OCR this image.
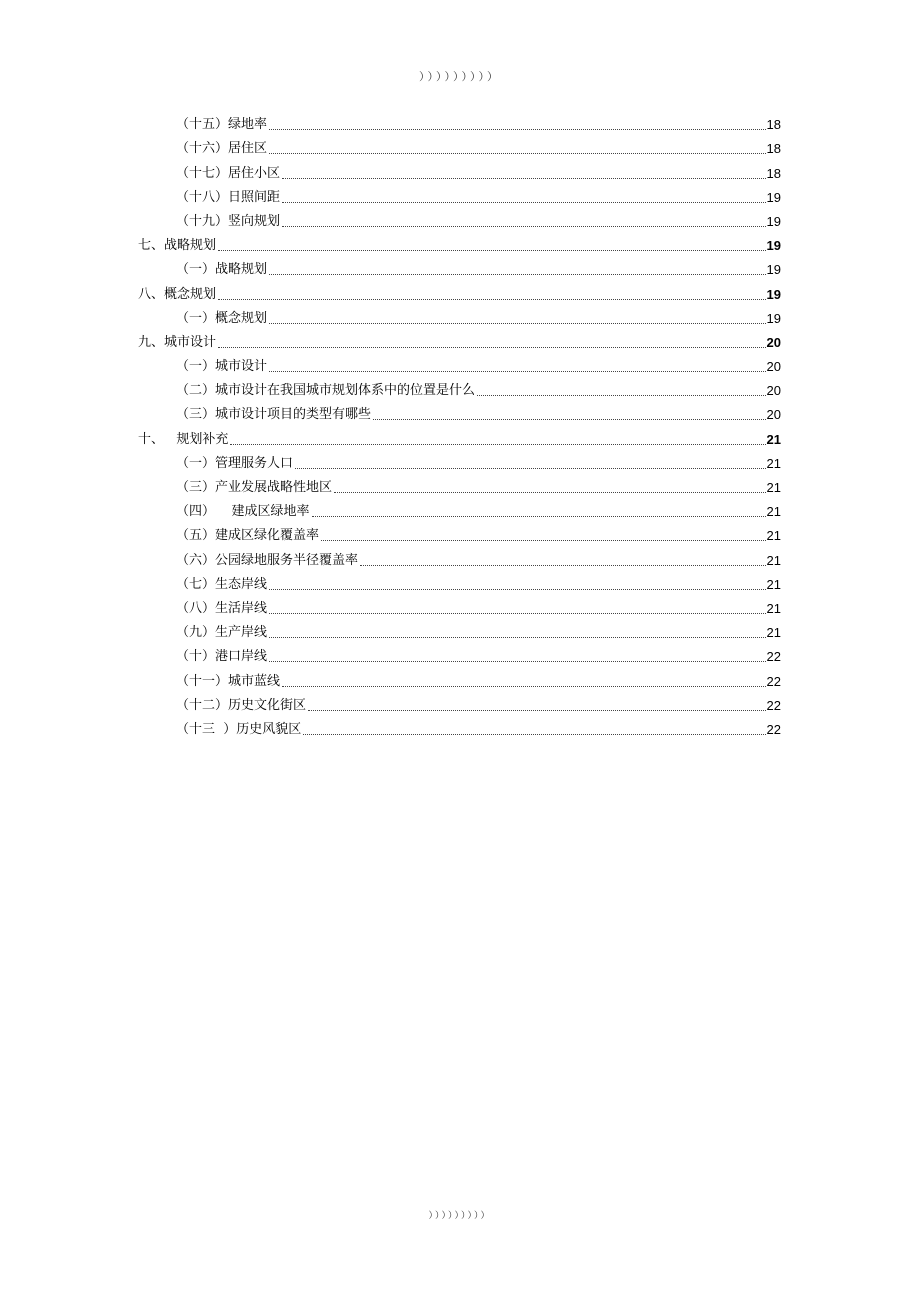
）））））））））
（十五）绿地率	18
（十六）居住区	18
（十七）居住小区	18
（十八）日照间距	19
（十九）竖向规划	19
七、战略规划	19
（一）战略规划	19
八、概念规划	19
（一）概念规划	19
九、城市设计	20
（一）城市设计	20
（二）城市设计在我国城市规划体系中的位置是什么	20
（三）城市设计项目的类型有哪些	20
十、   规划补充	21
（一）管理服务人口	21
（三）产业发展战略性地区	21
（四）    建成区绿地率	21
（五）建成区绿化覆盖率	21
（六）公园绿地服务半径覆盖率	21
（七）生态岸线	21
（八）生活岸线	21
（九）生产岸线	21
（十）港口岸线	22
（十一）城市蓝线	22
（十二）历史文化街区	22
（十三  ）历史风貌区	22
）））））））））
